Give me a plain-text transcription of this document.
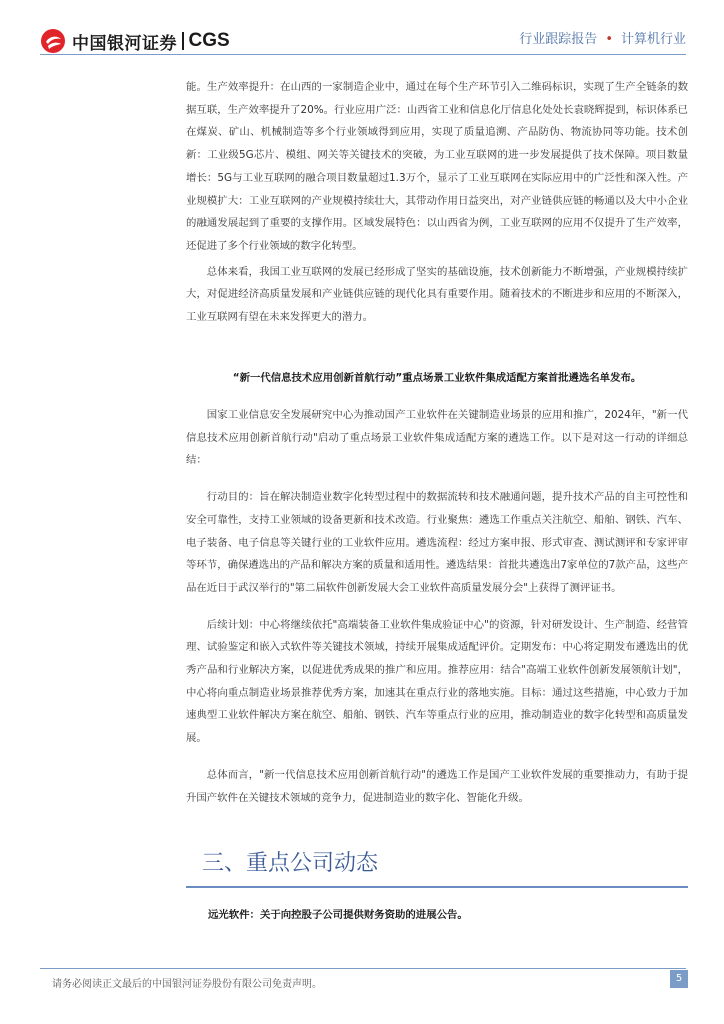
中国银河证券 CGS	行业跟踪报告 • 计算机行业

能。生产效率提升：在山西的一家制造企业中，通过在每个生产环节引入二维码标识，实现了生产全链条的数据互联，生产效率提升了20%。行业应用广泛：山西省工业和信息化厅信息化处处长袁晓辉提到，标识体系已在煤炭、矿山、机械制造等多个行业领域得到应用，实现了质量追溯、产品防伪、物流协同等功能。技术创新：工业级5G芯片、模组、网关等关键技术的突破，为工业互联网的进一步发展提供了技术保障。项目数量增长：5G与工业互联网的融合项目数量超过1.3万个，显示了工业互联网在实际应用中的广泛性和深入性。产业规模扩大：工业互联网的产业规模持续壮大，其带动作用日益突出，对产业链供应链的畅通以及大中小企业的融通发展起到了重要的支撑作用。区域发展特色：以山西省为例，工业互联网的应用不仅提升了生产效率，还促进了多个行业领域的数字化转型。

总体来看，我国工业互联网的发展已经形成了坚实的基础设施，技术创新能力不断增强，产业规模持续扩大，对促进经济高质量发展和产业链供应链的现代化具有重要作用。随着技术的不断进步和应用的不断深入，工业互联网有望在未来发挥更大的潜力。

“新一代信息技术应用创新首航行动”重点场景工业软件集成适配方案首批遴选名单发布。

国家工业信息安全发展研究中心为推动国产工业软件在关键制造业场景的应用和推广，2024年，"新一代信息技术应用创新首航行动"启动了重点场景工业软件集成适配方案的遴选工作。以下是对这一行动的详细总结：

行动目的：旨在解决制造业数字化转型过程中的数据流转和技术融通问题，提升技术产品的自主可控性和安全可靠性，支持工业领域的设备更新和技术改造。行业聚焦：遴选工作重点关注航空、船舶、钢铁、汽车、电子装备、电子信息等关键行业的工业软件应用。遴选流程：经过方案申报、形式审查、测试测评和专家评审等环节，确保遴选出的产品和解决方案的质量和适用性。遴选结果：首批共遴选出7家单位的7款产品，这些产品在近日于武汉举行的"第二届软件创新发展大会工业软件高质量发展分会"上获得了测评证书。

后续计划：中心将继续依托"高端装备工业软件集成验证中心"的资源，针对研发设计、生产制造、经营管理、试验鉴定和嵌入式软件等关键技术领域，持续开展集成适配评价。定期发布：中心将定期发布遴选出的优秀产品和行业解决方案，以促进优秀成果的推广和应用。推荐应用：结合"高端工业软件创新发展领航计划"，中心将向重点制造业场景推荐优秀方案，加速其在重点行业的落地实施。目标：通过这些措施，中心致力于加速典型工业软件解决方案在航空、船舶、钢铁、汽车等重点行业的应用，推动制造业的数字化转型和高质量发展。

总体而言，"新一代信息技术应用创新首航行动"的遴选工作是国产工业软件发展的重要推动力，有助于提升国产软件在关键技术领域的竞争力，促进制造业的数字化、智能化升级。

三、重点公司动态
远光软件：关于向控股子公司提供财务资助的进展公告。
请务必阅读正文最后的中国银河证券股份有限公司免责声明。
5
